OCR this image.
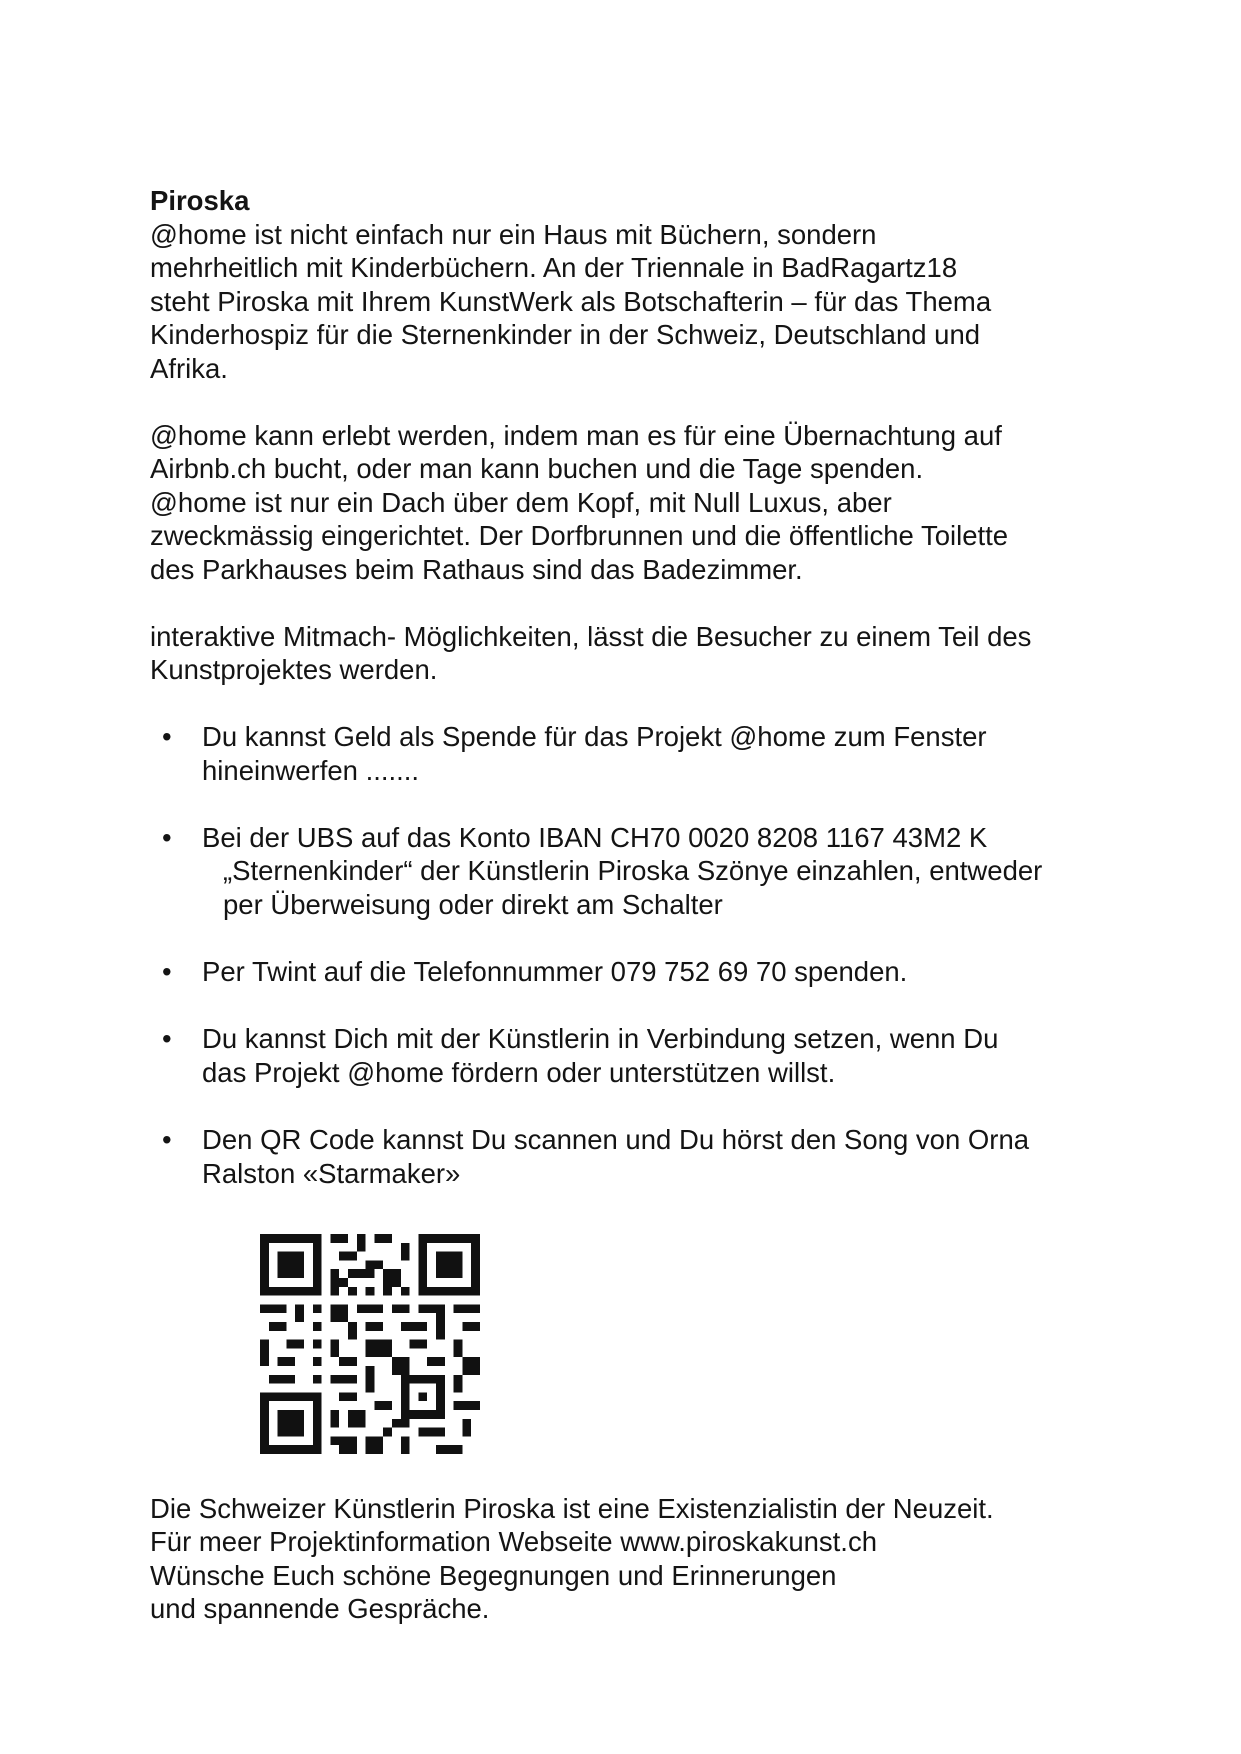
Piroska
@home ist nicht einfach nur ein Haus mit Büchern, sondern
mehrheitlich mit Kinderbüchern. An der Triennale in BadRagartz18
steht Piroska mit Ihrem KunstWerk als Botschafterin – für das Thema
Kinderhospiz für die Sternenkinder in der Schweiz, Deutschland und
Afrika.
@home kann erlebt werden, indem man es für eine Übernachtung auf
Airbnb.ch bucht, oder man kann buchen und die Tage spenden.
@home ist nur ein Dach über dem Kopf, mit Null Luxus, aber
zweckmässig eingerichtet. Der Dorfbrunnen und die öffentliche Toilette
des Parkhauses beim Rathaus sind das Badezimmer.
interaktive Mitmach- Möglichkeiten, lässt die Besucher zu einem Teil des
Kunstprojektes werden.
• Du kannst Geld als Spende für das Projekt @home zum Fenster
hineinwerfen .......
• Bei der UBS auf das Konto IBAN CH70 0020 8208 1167 43M2 K
„Sternenkinder“ der Künstlerin Piroska Szönye einzahlen, entweder
per Überweisung oder direkt am Schalter
• Per Twint auf die Telefonnummer 079 752 69 70 spenden.
• Du kannst Dich mit der Künstlerin in Verbindung setzen, wenn Du
das Projekt @home fördern oder unterstützen willst.
• Den QR Code kannst Du scannen und Du hörst den Song von Orna
Ralston «Starmaker»
Die Schweizer Künstlerin Piroska ist eine Existenzialistin der Neuzeit.
Für meer Projektinformation Webseite www.piroskakunst.ch
Wünsche Euch schöne Begegnungen und Erinnerungen
und spannende Gespräche.
